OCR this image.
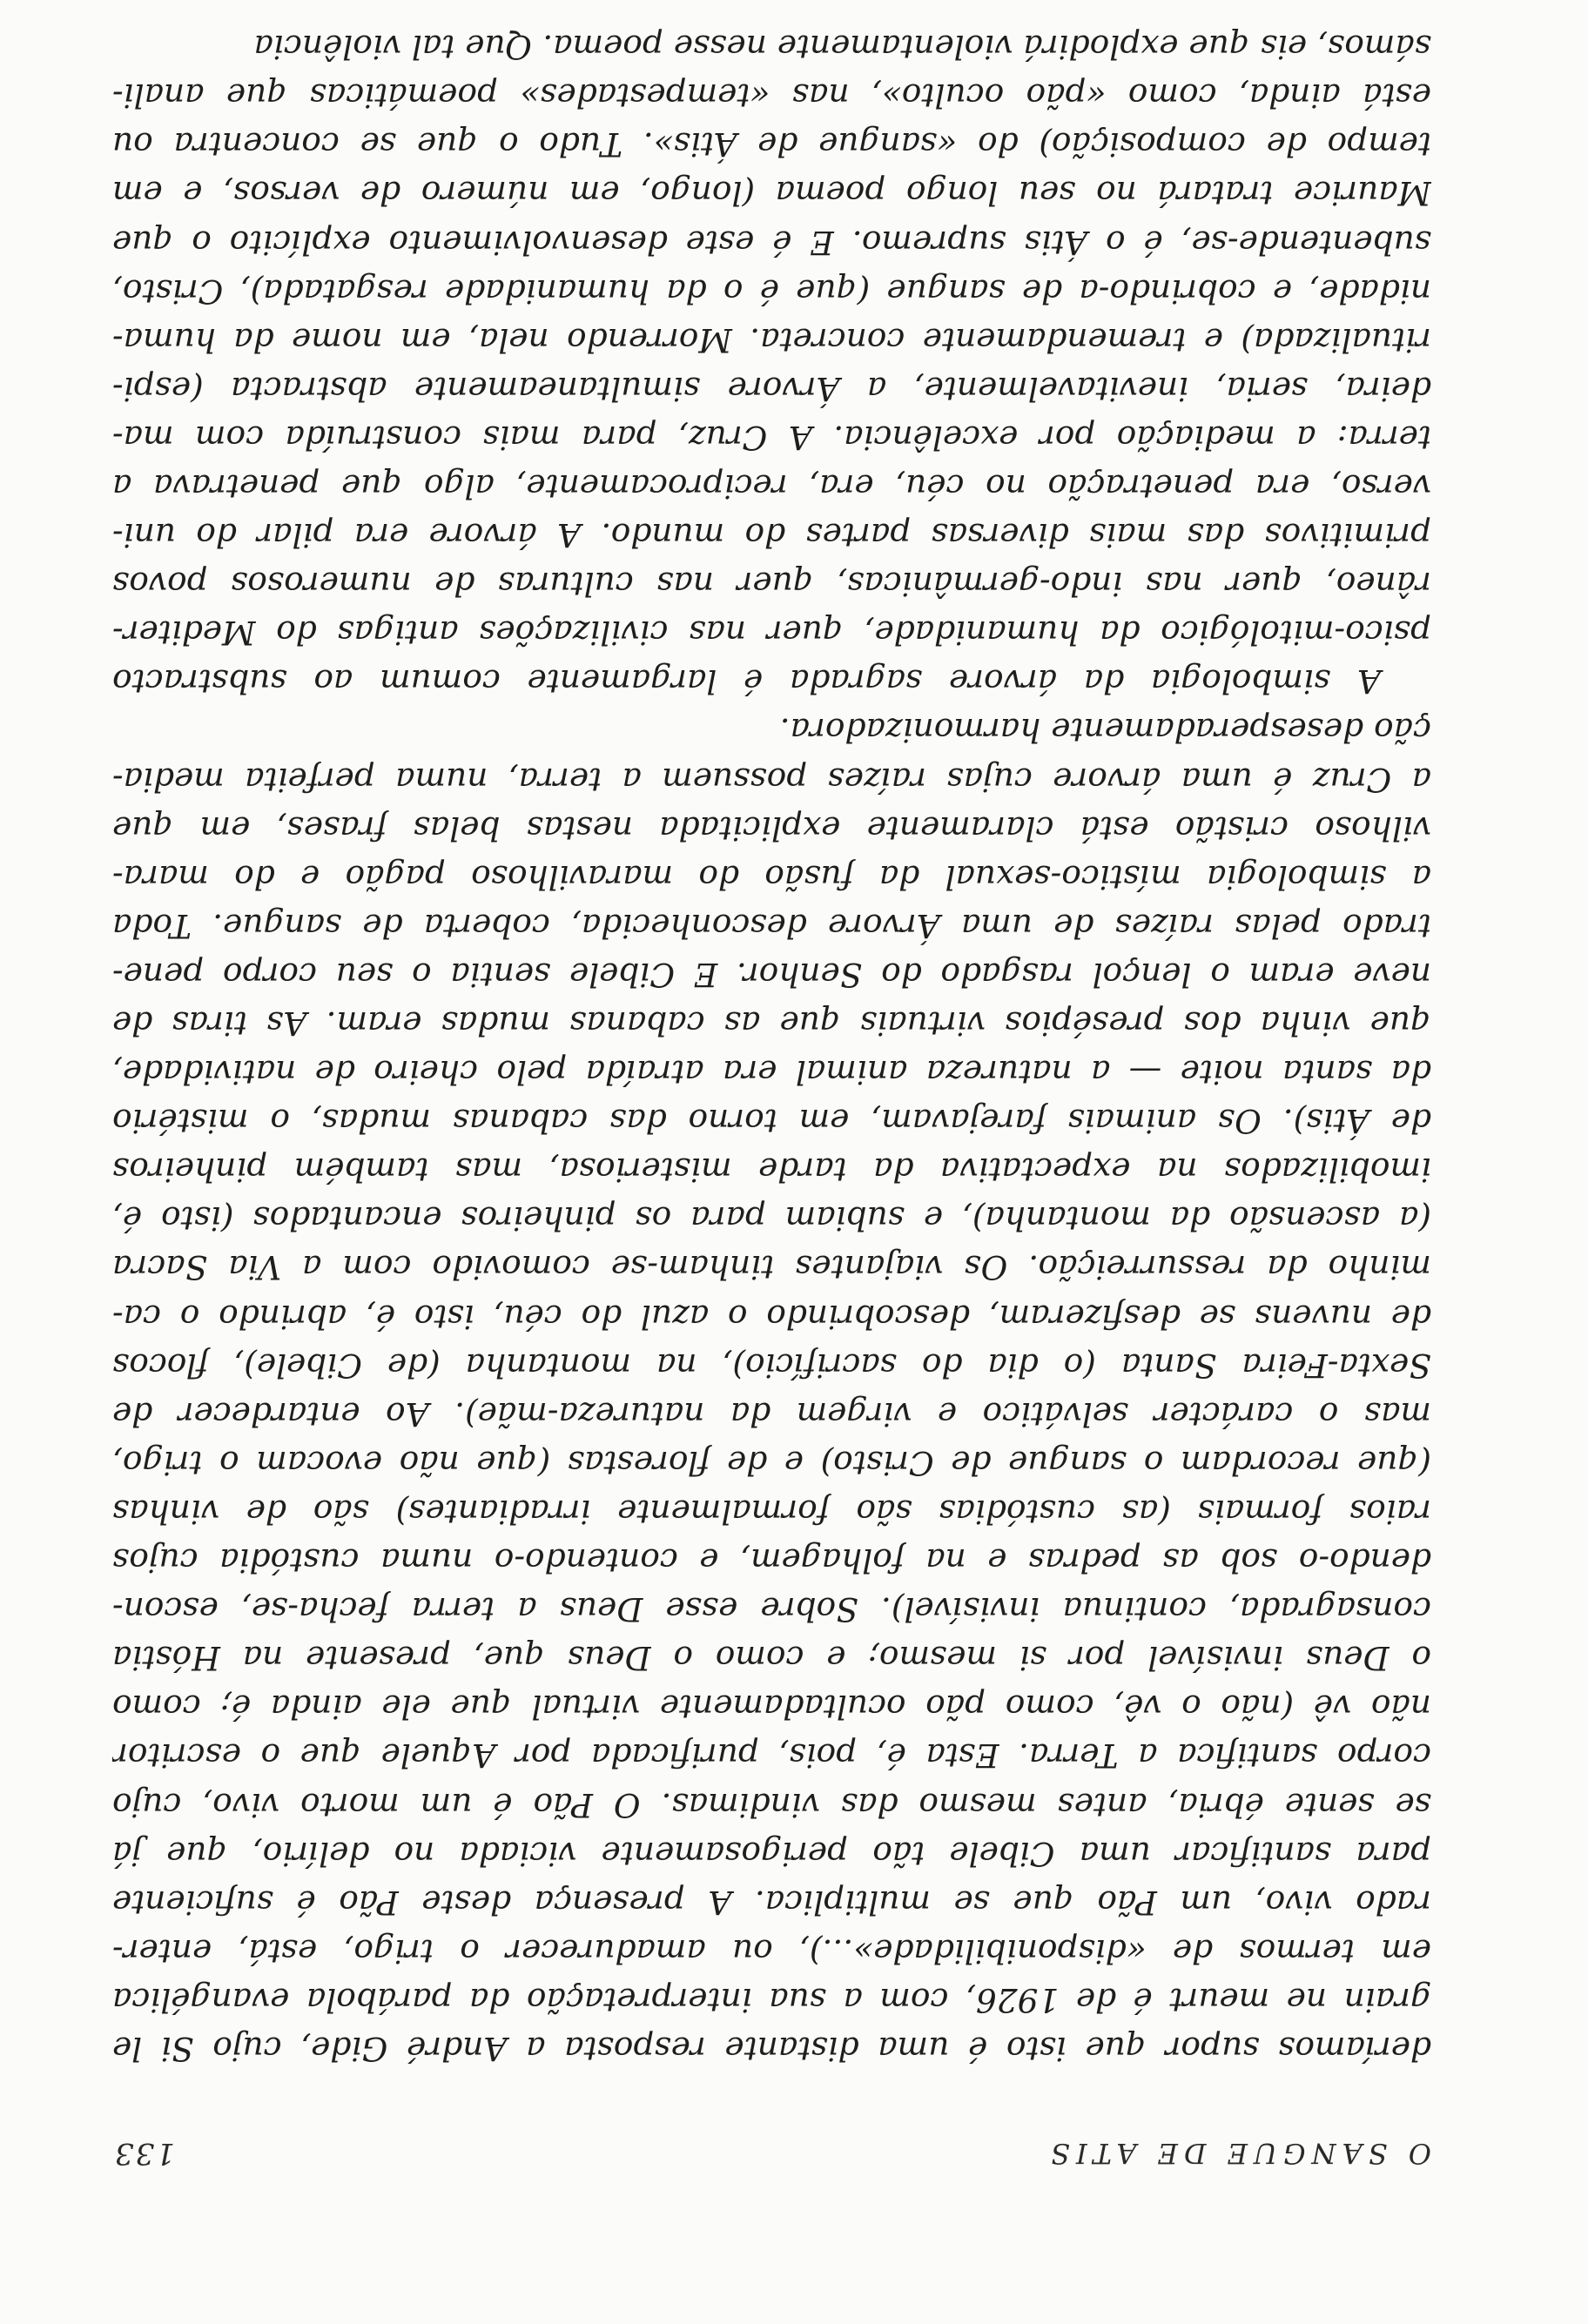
O SANGUE DE ATIS
133
deríamos supor que isto é uma distante resposta a André Gide, cujo Si le
grain ne meurt é de 1926, com a sua interpretação da parábola evangélica
em termos de «disponibilidade»...), ou amadurecer o trigo, está, enter-
rado vivo, um Pão que se multiplica. A presença deste Pão é suficiente
para santificar uma Cibele tão perigosamente viciada no delírio, que já
se sente ébria, antes mesmo das vindimas. O Pão é um morto vivo, cujo
corpo santifica a Terra. Esta é, pois, purificada por Aquele que o escritor
não vê (não o vê, como pão ocultadamente virtual que ele ainda é; como
o Deus invisível por si mesmo; e como o Deus que, presente na Hóstia
consagrada, continua invisível). Sobre esse Deus a terra fecha-se, escon-
dendo-o sob as pedras e na folhagem, e contendo-o numa custódia cujos
raios formais (as custódias são formalmente irradiantes) são de vinhas
(que recordam o sangue de Cristo) e de florestas (que não evocam o trigo,
mas o carácter selvático e virgem da natureza-mãe). Ao entardecer de
Sexta-Feira Santa (o dia do sacrifício), na montanha (de Cibele), flocos
de nuvens se desfizeram, descobrindo o azul do céu, isto é, abrindo o ca-
minho da ressurreição. Os viajantes tinham-se comovido com a Via Sacra
(a ascensão da montanha), e subiam para os pinheiros encantados (isto é,
imobilizados na expectativa da tarde misteriosa, mas também pinheiros
de Átis). Os animais farejavam, em torno das cabanas mudas, o mistério
da santa noite — a natureza animal era atraída pelo cheiro de natividade,
que vinha dos presépios virtuais que as cabanas mudas eram. As tiras de
neve eram o lençol rasgado do Senhor. E Cibele sentia o seu corpo pene-
trado pelas raízes de uma Árvore desconhecida, coberta de sangue. Toda
a simbologia místico-sexual da fusão do maravilhoso pagão e do mara-
vilhoso cristão está claramente explicitada nestas belas frases, em que
a Cruz é uma árvore cujas raízes possuem a terra, numa perfeita media-
ção desesperadamente harmonizadora.
A simbologia da árvore sagrada é largamente comum ao substracto
psico-mitológico da humanidade, quer nas civilizações antigas do Mediter-
râneo, quer nas indo-germânicas, quer nas culturas de numerosos povos
primitivos das mais diversas partes do mundo. A árvore era pilar do uni-
verso, era penetração no céu, era, reciprocamente, algo que penetrava a
terra: a mediação por excelência. A Cruz, para mais construída com ma-
deira, seria, inevitavelmente, a Árvore simultaneamente abstracta (espi-
ritualizada) e tremendamente concreta. Morrendo nela, em nome da huma-
nidade, e cobrindo-a de sangue (que é o da humanidade resgatada), Cristo,
subentende-se, é o Átis supremo. E é este desenvolvimento explícito o que
Maurice tratará no seu longo poema (longo, em número de versos, e em
tempo de composição) do «sangue de Átis». Tudo o que se concentra ou
está ainda, como «pão oculto», nas «tempestades» poemáticas que anali-
sámos, eis que explodirá violentamente nesse poema. Que tal violência
